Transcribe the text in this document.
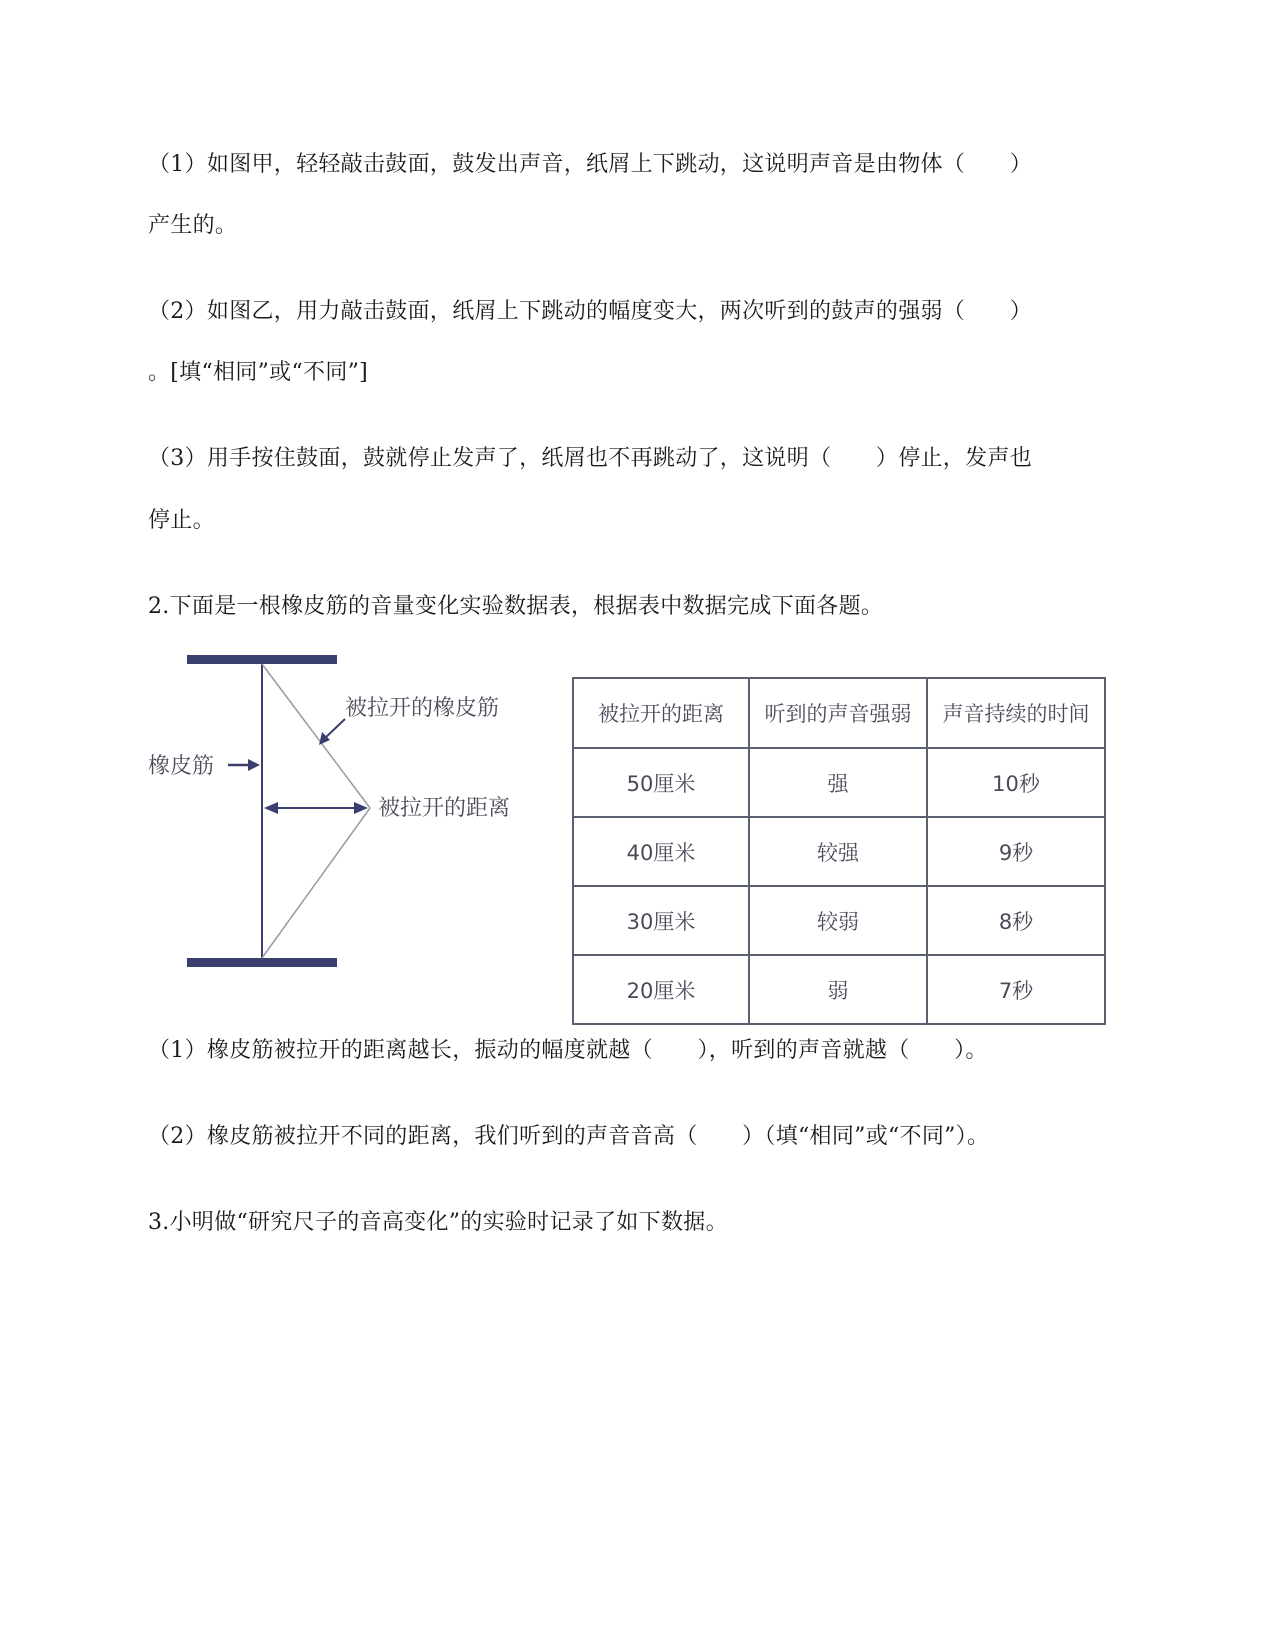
（1）如图甲，轻轻敲击鼓面，鼓发出声音，纸屑上下跳动，这说明声音是由物体（　　）
产生的。
（2）如图乙，用力敲击鼓面，纸屑上下跳动的幅度变大，两次听到的鼓声的强弱（　　）
。[填“相同”或“不同”]
（3）用手按住鼓面，鼓就停止发声了，纸屑也不再跳动了，这说明（　　）停止，发声也
停止。
2.下面是一根橡皮筋的音量变化实验数据表，根据表中数据完成下面各题。
橡皮筋
被拉开的橡皮筋
被拉开的距离
被拉开的距离	听到的声音强弱	声音持续的时间
50厘米	强	10秒
40厘米	较强	9秒
30厘米	较弱	8秒
20厘米	弱	7秒
（1）橡皮筋被拉开的距离越长，振动的幅度就越（　　），听到的声音就越（　　）。
（2）橡皮筋被拉开不同的距离，我们听到的声音音高（　　）（填“相同”或“不同”）。
3.小明做“研究尺子的音高变化”的实验时记录了如下数据。
